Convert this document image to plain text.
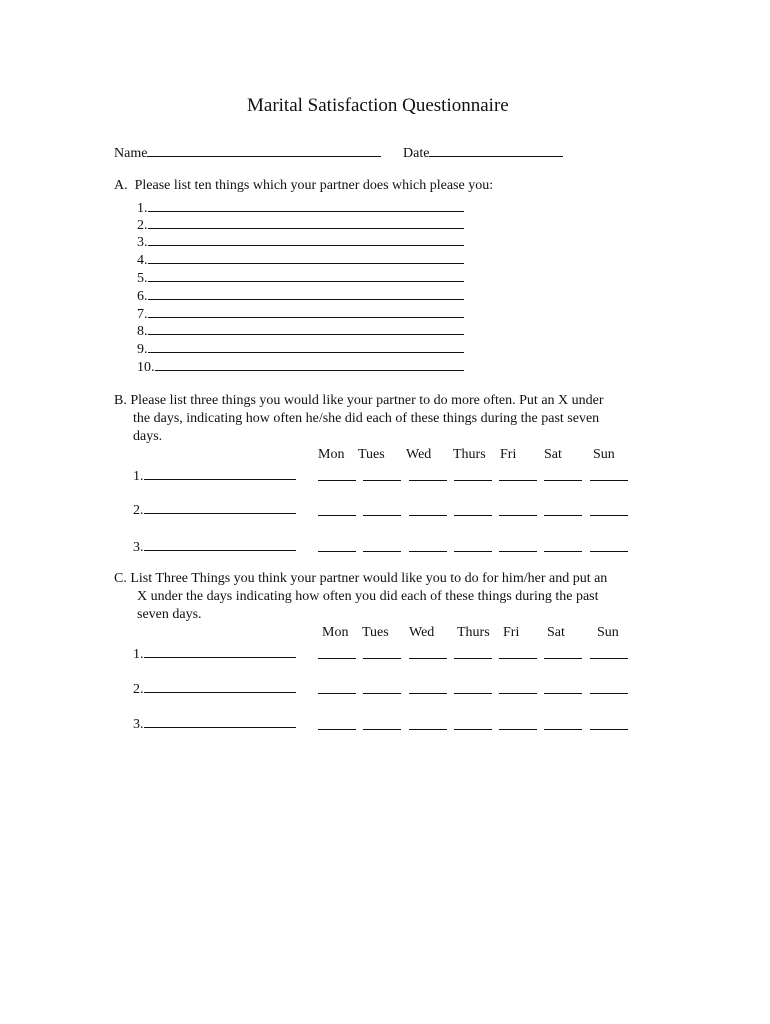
Marital Satisfaction Questionnaire
Name	Date
A. Please list ten things which your partner does which please you:
1.
2.
3.
4.
5.
6.
7.
8.
9.
10.
B. Please list three things you would like your partner to do more often. Put an X under
the days, indicating how often he/she did each of these things during the past seven
days.
Mon Tues Wed Thurs Fri Sat Sun
1.
2.
3.
C. List Three Things you think your partner would like you to do for him/her and put an
X under the days indicating how often you did each of these things during the past
seven days.
Mon Tues Wed Thurs Fri Sat Sun
1.
2.
3.
